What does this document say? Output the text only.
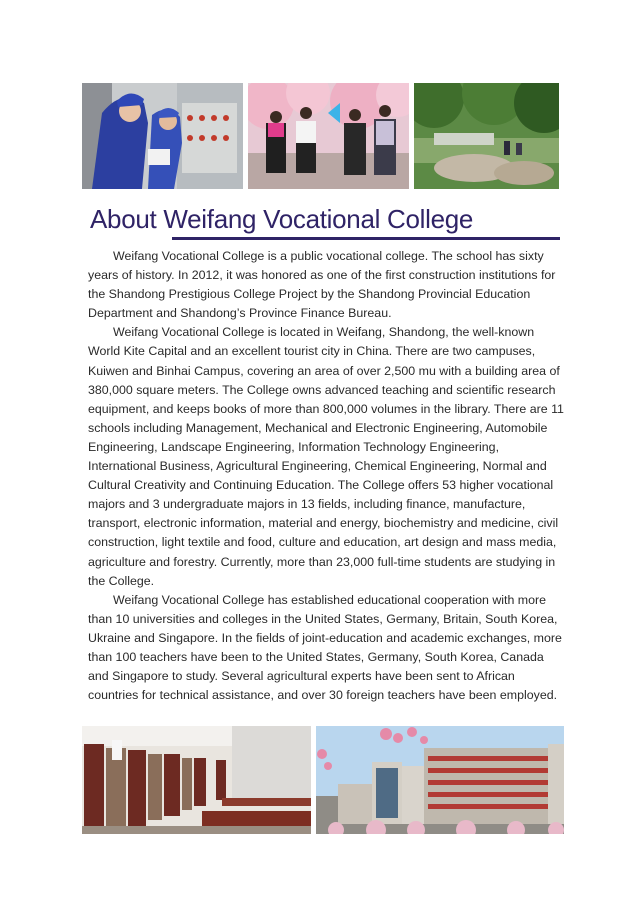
About Weifang Vocational College

Weifang Vocational College is a public vocational college. The school has sixty years of history. In 2012, it was honored as one of the first construction institutions for the Shandong Prestigious College Project by the Shandong Provincial Education Department and Shandong’s Province Finance Bureau.

Weifang Vocational College is located in Weifang, Shandong, the well-known World Kite Capital and an excellent tourist city in China. There are two campuses, Kuiwen and Binhai Campus, covering an area of over 2,500 mu with a building area of 380,000 square meters. The College owns advanced teaching and scientific research equipment, and keeps books of more than 800,000 volumes in the library. There are 11 schools including Management, Mechanical and Electronic Engineering, Automobile Engineering, Landscape Engineering, Information Technology Engineering, International Business, Agricultural Engineering, Chemical Engineering, Normal and Cultural Creativity and Continuing Education. The College offers 53 higher vocational majors and 3 undergraduate majors in 13 fields, including finance, manufacture, transport, electronic information, material and energy, biochemistry and medicine, civil construction, light textile and food, culture and education, art design and mass media, agriculture and forestry. Currently, more than 23,000 full-time students are studying in the College.

Weifang Vocational College has established educational cooperation with more than 10 universities and colleges in the United States, Germany, Britain, South Korea, Ukraine and Singapore. In the fields of joint-education and academic exchanges, more than 100 teachers have been to the United States, Germany, South Korea, Canada and Singapore to study. Several agricultural experts have been sent to African countries for technical assistance, and over 30 foreign teachers have been employed.
